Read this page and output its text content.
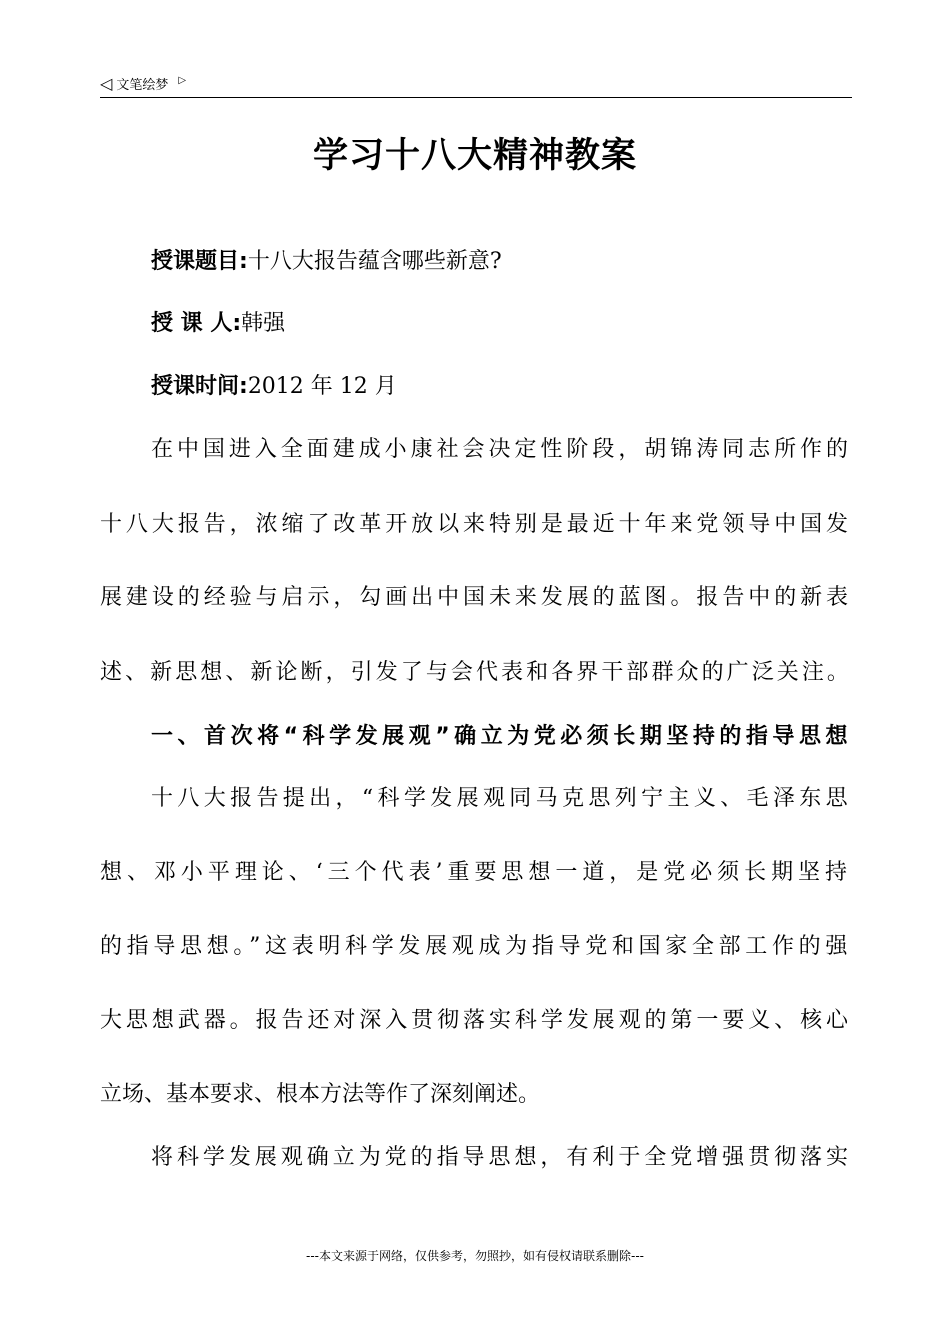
◁ 文笔绘梦 ▷
学习十八大精神教案
授课题目:十八大报告蕴含哪些新意?
授 课 人:韩强
授课时间:2012 年 12 月
在中国进入全面建成小康社会决定性阶段，胡锦涛同志所作的
十八大报告，浓缩了改革开放以来特别是最近十年来党领导中国发
展建设的经验与启示，勾画出中国未来发展的蓝图。报告中的新表
述、新思想、新论断，引发了与会代表和各界干部群众的广泛关注。
一、首次将“科学发展观”确立为党必须长期坚持的指导思想
十八大报告提出，“科学发展观同马克思列宁主义、毛泽东思
想、邓小平理论、‘三个代表’重要思想一道，是党必须长期坚持
的指导思想。”这表明科学发展观成为指导党和国家全部工作的强
大思想武器。报告还对深入贯彻落实科学发展观的第一要义、核心
立场、基本要求、根本方法等作了深刻阐述。
将科学发展观确立为党的指导思想，有利于全党增强贯彻落实
---本文来源于网络，仅供参考，勿照抄，如有侵权请联系删除---
